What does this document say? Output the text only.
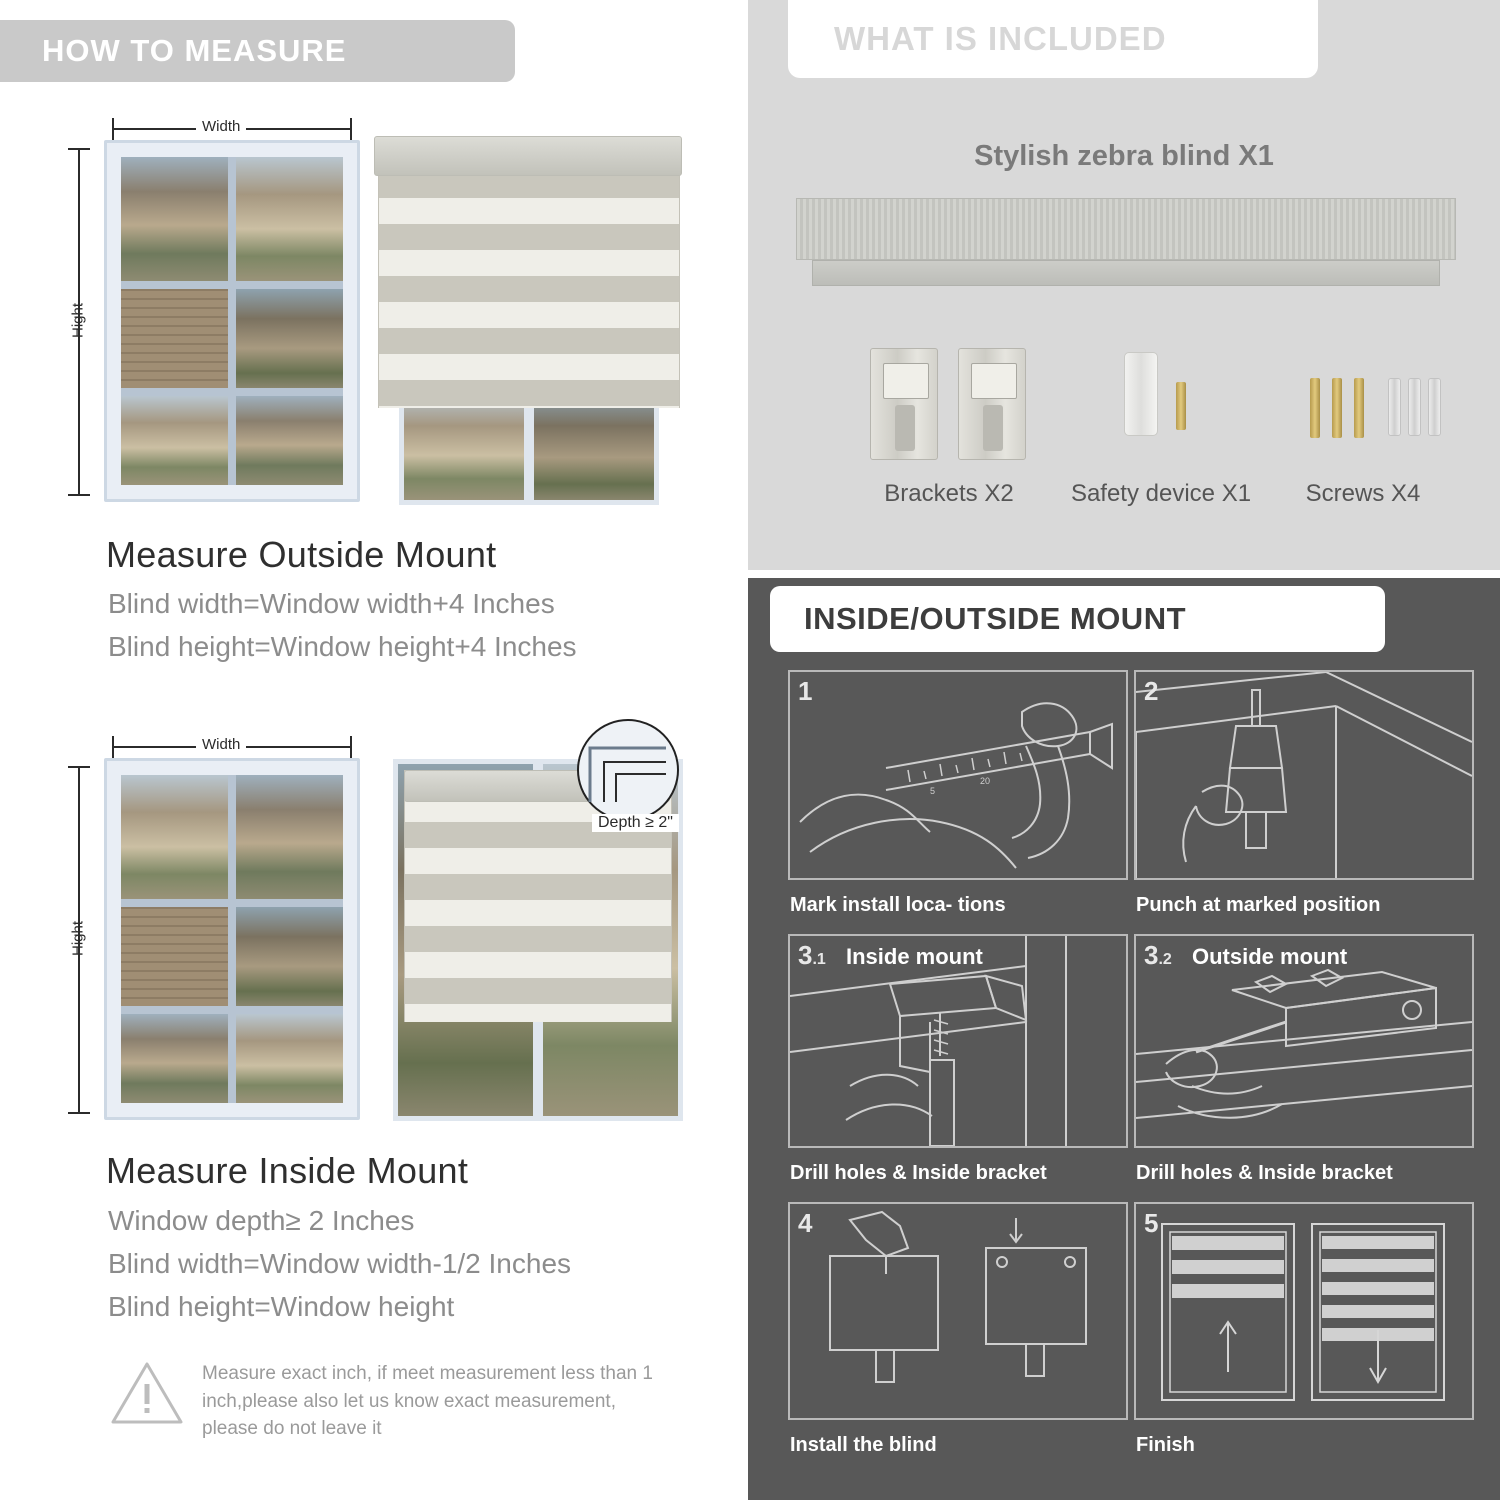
HOW TO MEASURE
Width
Hight
Measure Outside Mount
Blind width=Window width+4 Inches
Blind height=Window height+4 Inches
Width
Hight
Depth ≥ 2"
Measure Inside Mount
Window depth≥ 2 Inches
Blind width=Window width-1/2 Inches
Blind height=Window height
Measure exact inch, if meet measurement less than 1 inch,please also let us know exact measurement, please do not leave it
WHAT IS INCLUDED
Stylish zebra blind X1
Brackets X2	Safety device X1	Screws X4
INSIDE/OUTSIDE MOUNT
5
20
1
Mark install loca- tions
2
Punch at marked position
3.1 Inside mount
Drill holes & Inside bracket
3.2 Outside mount
Drill holes & Inside bracket
4
Install the blind
5
Finish
